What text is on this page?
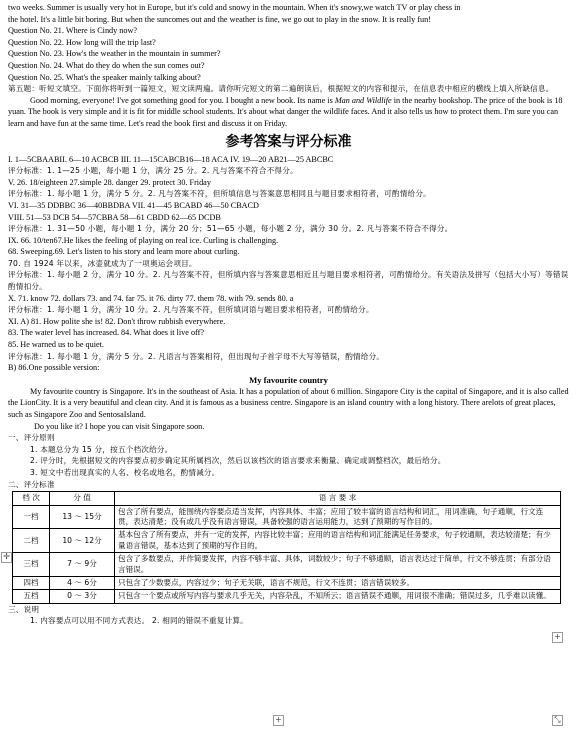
two weeks. Summer is usually very hot in Europe, but it's cold and snowy in the mountain. When it's snowy,we watch TV or play chess in
the hotel. It's a little bit boring. But when the suncomes out and the weather is fine, we go out to play in the snow. It is really fun!
Question No. 21. Where is Cindy now?
Question No. 22. How long will the trip last?
Question No. 23. How's the weather in the mountain in summer?
Question No. 24. What do they do when the sun comes out?
Question No. 25. What's the speaker mainly talking about?
第五题：听短文填空。下面你将听到一篇短文，短文读两遍。请你听完短文的第二遍朗读后，根据短文的内容和提示，在信息表中相应的横线上填入所缺信息。
Good morning, everyone! I've got something good for you. I bought a new book. Its name is Man and Wildlife in the nearby bookshop. The price of the book is 18 yuan. The book is very simple and it is fit for middle school students. It's about what danger the wildlife faces. And it also tells us how to protect them. I'm sure you can learn and have fun at the same time. Let's read the book first and discuss it on Friday.
参考答案与评分标准
I. 1—5CBAABII. 6—10 ACBCB III. 11—15CABCB16—18 ACA IV. 19—20 AB21—25 ABCBC
评分标准：1. 1—25 小题，每小题 1 分，满分 25 分。2. 凡与答案不符合不得分。
V. 26. 18/eighteen 27.simple 28. danger 29. protect 30. Friday
评分标准：1. 每小题 1 分，满分 5 分。2. 凡与答案不符，但所填信息与答案意思相同且与题目要求相符者，可酌情给分。
VI. 31—35 DDBBC 36—40BBDBA VII. 41—45 BCABD 46—50 CBACD
VIII. 51—53 DCB 54—57CBBA 58—61 CBDD 62—65 DCDB
评分标准：1. 31—50 小题，每小题 1 分，满分 20 分；51—65 小题，每小题 2 分，满分 30 分。2. 凡与答案不符合不得分。
IX. 66. 10/ten67.He likes the feeling of playing on real ice. Curling is challenging.
68. Sweeping.69. Let's listen to his story and learn more about curling.
70. 自 1924 年以来，冰壶就成为了一项奥运会项目。
评分标准：1. 每小题 2 分，满分 10 分。2. 凡与答案不符，但所填内容与答案意思相近且与题目要求相符者，可酌情给分。有关语法及拼写（包括大小写）等错误酌情扣分。
X. 71. know 72. dollars 73. and 74. far 75. it 76. dirty 77. them 78. with 79. sends 80. a
评分标准：1. 每小题 1 分，满分 10 分。2. 凡与答案不符，但所填词语与题目要求相符者，可酌情给分。
XI. A) 81. How polite she is! 82. Don't throw rubbish everywhere.
83. The water level has increased. 84. What does it live off?
85. He warned us to be quiet.
评分标准：1. 每小题 1 分，满分 5 分。2. 凡语言与答案相符，但出现句子首字母不大写等错误，酌情给分。
B) 86.One possible version:
My favourite country
My favourite country is Singapore. It's in the southeast of Asia. It has a population of about 6 million. Singapore City is the capital of Singapore, and it is also called the LionCity. It is a very beautiful and clean city. And it is famous as a business centre. Singapore is an island country with a long history. There arelots of great places, such as Singapore Zoo and SentosaIsland.
Do you like it? I hope you can visit Singapore soon.
一、评分原则
1. 本题总分为 15 分，按五个档次给分。
2. 评分时，先根据短文的内容要点初步确定其所属档次，然后以该档次的语言要求来衡量、确定或调整档次，最后给分。
3. 短文中若出现真实的人名、校名或地名，酌情减分。
二、评分标准
档 次	分 值	语 言 要 求
一档	13 ～ 15分	包含了所有要点，能围绕内容要点适当发挥，内容具体、丰富；应用了较丰富的语言结构和词汇，用词准确，句子通顺，行文连贯，表达清楚；没有或几乎没有语言错误，具备较强的语言运用能力，达到了预期的写作目的。
二档	10 ～ 12分	基本包含了所有要点，并有一定的发挥，内容比较丰富；应用的语言结构和词汇能满足任务要求，句子较通顺，表达较清楚；有少量语言错误，基本达到了预期的写作目的。
三档	7 ～ 9分	包含了多数要点，并作简要发挥，内容不够丰富、具体，词数较少；句子不够通顺，语言表达过于简单，行文不够连贯；有部分语言错误。
四档	4 ～ 6分	只包含了少数要点，内容过少；句子无关联，语言不规范，行文不连贯；语言错误较多。
五档	0 ～ 3分	只包含一个要点或所写内容与要求几乎无关，内容杂乱，不知所云；语言错误不通顺，用词很不准确；错误过多，几乎难以读懂。
三、说明
1. 内容要点可以用不同方式表达。 2. 相同的错误不重复计算。
✛
+
+	⤡
